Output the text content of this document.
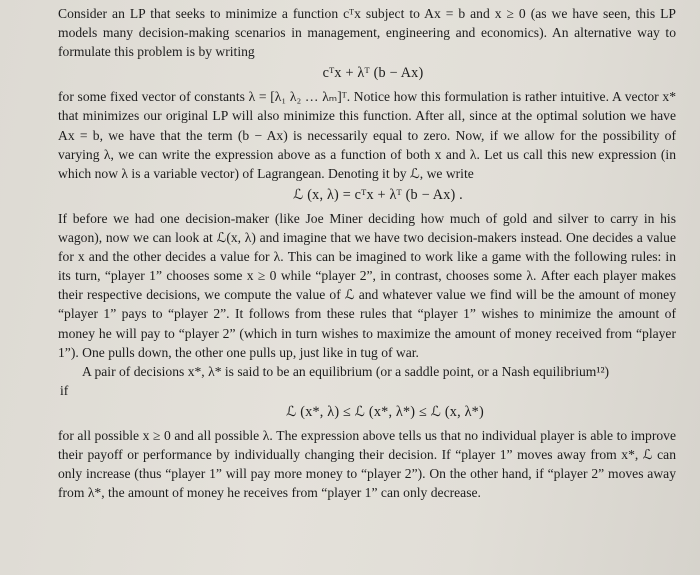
Consider an LP that seeks to minimize a function cᵀx subject to Ax = b and x ≥ 0 (as we have seen, this LP models many decision-making scenarios in management, engineering and economics). An alternative way to formulate this problem is by writing

cᵀx + λᵀ (b − Ax)

for some fixed vector of constants λ = [λ₁ λ₂ … λₘ]ᵀ. Notice how this formulation is rather intuitive. A vector x* that minimizes our original LP will also minimize this function. After all, since at the optimal solution we have Ax = b, we have that the term (b − Ax) is necessarily equal to zero. Now, if we allow for the possibility of varying λ, we can write the expression above as a function of both x and λ. Let us call this new expression (in which now λ is a variable vector) of Lagrangean. Denoting it by ℒ, we write

ℒ (x, λ) = cᵀx + λᵀ (b − Ax) .

If before we had one decision-maker (like Joe Miner deciding how much of gold and silver to carry in his wagon), now we can look at ℒ(x, λ) and imagine that we have two decision-makers instead. One decides a value for x and the other decides a value for λ. This can be imagined to work like a game with the following rules: in its turn, “player 1” chooses some x ≥ 0 while “player 2”, in contrast, chooses some λ. After each player makes their respective decisions, we compute the value of ℒ and whatever value we find will be the amount of money “player 1” pays to “player 2”. It follows from these rules that “player 1” wishes to minimize the amount of money he will pay to “player 2” (which in turn wishes to maximize the amount of money received from “player 1”). One pulls down, the other one pulls up, just like in tug of war.

A pair of decisions x*, λ* is said to be an equilibrium (or a saddle point, or a Nash equilibrium¹²)

if

ℒ (x*, λ) ≤ ℒ (x*, λ*) ≤ ℒ (x, λ*)

for all possible x ≥ 0 and all possible λ. The expression above tells us that no individual player is able to improve their payoff or performance by individually changing their decision. If “player 1” moves away from x*, ℒ can only increase (thus “player 1” will pay more money to “player 2”). On the other hand, if “player 2” moves away from λ*, the amount of money he receives from “player 1” can only decrease.
